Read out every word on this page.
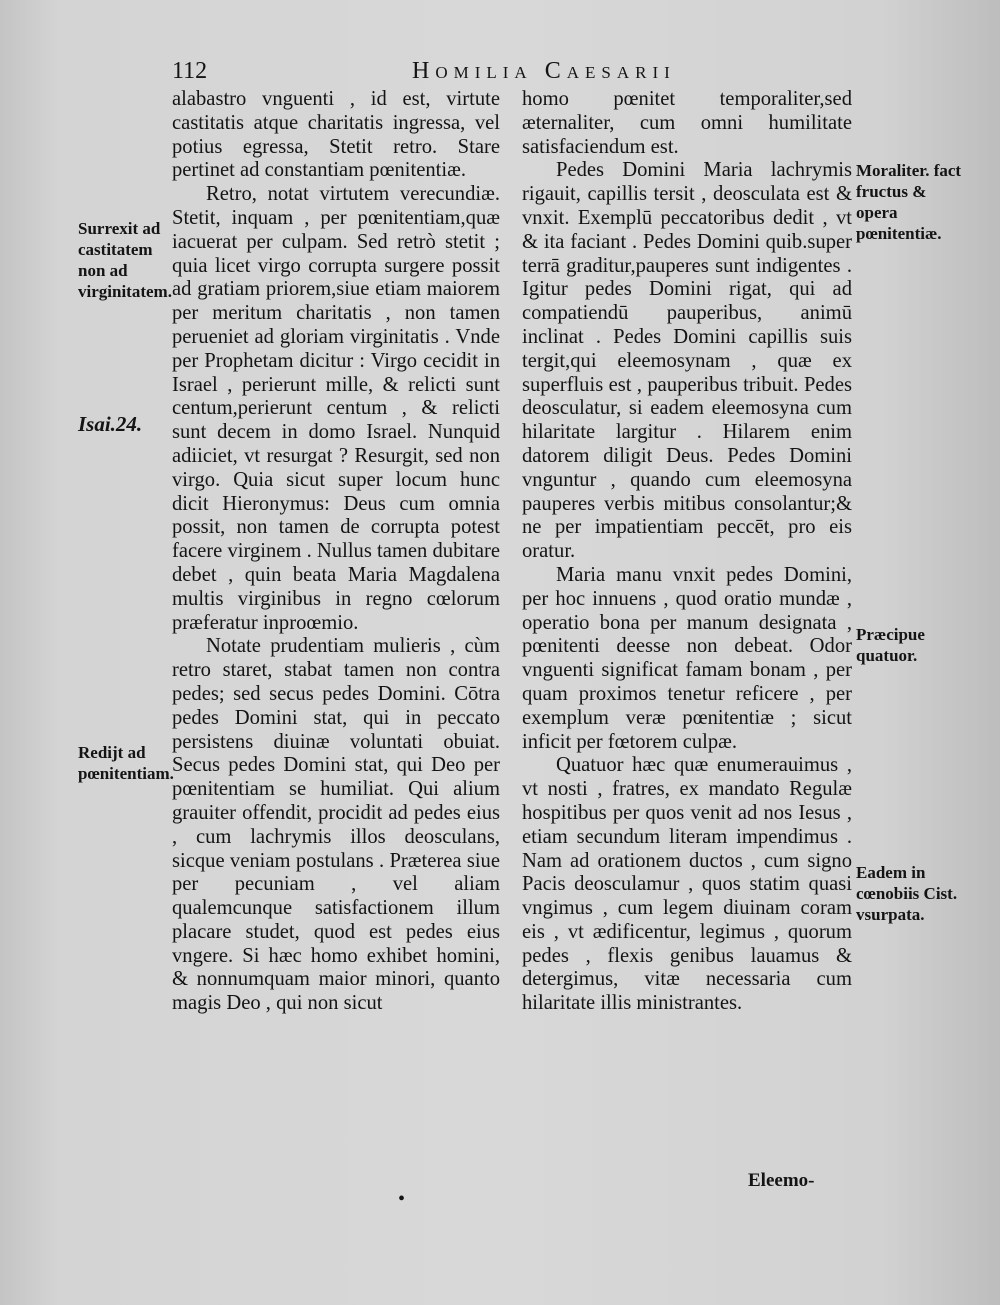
112	Homilia Caesarii

alabastro vnguenti , id est, virtute castitatis atque charitatis ingressa, vel potius egressa, Stetit retro. Stare pertinet ad constantiam pœnitentiæ.

Retro, notat virtutem verecundiæ. Stetit, inquam , per pœnitentiam,quæ iacuerat per culpam. Sed retrò stetit ; quia licet virgo corrupta surgere possit ad gratiam priorem,siue etiam maiorem per meritum charitatis , non tamen perueniet ad gloriam virginitatis . Vnde per Prophetam dicitur : Virgo cecidit in Israel , perierunt mille, & relicti sunt centum,perierunt centum , & relicti sunt decem in domo Israel. Nunquid adiiciet, vt resurgat ? Resurgit, sed non virgo. Quia sicut super locum hunc dicit Hieronymus: Deus cum omnia possit, non tamen de corrupta potest facere virginem . Nullus tamen dubitare debet , quin beata Maria Magdalena multis virginibus in regno cœlorum præferatur inproœmio.

Notate prudentiam mulieris , cùm retro staret, stabat tamen non contra pedes; sed secus pedes Domini. Cōtra pedes Domini stat, qui in peccato persistens diuinæ voluntati obuiat. Secus pedes Domini stat, qui Deo per pœnitentiam se humiliat. Qui alium grauiter offendit, procidit ad pedes eius , cum lachrymis illos deosculans, sicque veniam postulans . Præterea siue per pecuniam , vel aliam qualemcunque satisfactionem illum placare studet, quod est pedes eius vngere. Si hæc homo exhibet homini, & nonnumquam maior minori, quanto magis Deo , qui non sicut

homo pœnitet temporaliter,sed æternaliter, cum omni humilitate satisfaciendum est.

Pedes Domini Maria lachrymis rigauit, capillis tersit , deosculata est & vnxit. Exemplū peccatoribus dedit , vt & ita faciant . Pedes Domini quib.super terrā graditur,pauperes sunt indigentes . Igitur pedes Domini rigat, qui ad compatiendū pauperibus, animū inclinat . Pedes Domini capillis suis tergit,qui eleemosynam , quæ ex superfluis est , pauperibus tribuit. Pedes deosculatur, si eadem eleemosyna cum hilaritate largitur . Hilarem enim datorem diligit Deus. Pedes Domini vnguntur , quando cum eleemosyna pauperes verbis mitibus consolantur;& ne per impatientiam peccēt, pro eis oratur.

Maria manu vnxit pedes Domini, per hoc innuens , quod oratio mundæ , operatio bona per manum designata , pœnitenti deesse non debeat. Odor vnguenti significat famam bonam , per quam proximos tenetur reficere , per exemplum veræ pœnitentiæ ; sicut inficit per fœtorem culpæ.

Quatuor hæc quæ enumerauimus , vt nosti , fratres, ex mandato Regulæ hospitibus per quos venit ad nos Iesus , etiam secundum literam impendimus . Nam ad orationem ductos , cum signo Pacis deosculamur , quos statim quasi vngimus , cum legem diuinam coram eis , vt ædificentur, legimus , quorum pedes , flexis genibus lauamus & detergimus, vitæ necessaria cum hilaritate illis ministrantes.

Surrexit ad castitatem non ad virginitatem.
Isai.24.
Redijt ad pœnitentiam.
Moraliter. fact fructus & opera pœnitentiæ.
Præcipue quatuor.
Eadem in cœnobiis Cist. vsurpata.
•
Eleemo-
